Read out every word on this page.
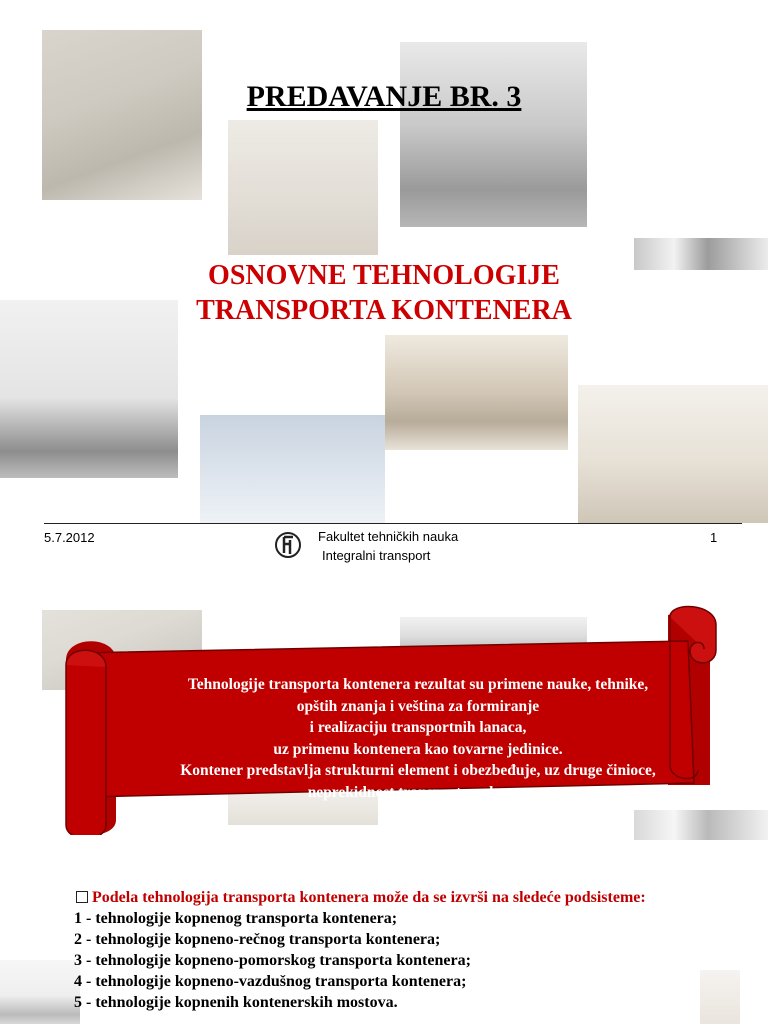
PREDAVANJE BR. 3
OSNOVNE TEHNOLOGIJE
TRANSPORTA KONTENERA
5.7.2012	Fakultet tehničkih nauka
Integralni transport
1
Tehnologije transporta kontenera rezultat su primene nauke, tehnike,
opštih znanja i veština za formiranje
i realizaciju transportnih lanaca,
uz primenu kontenera kao tovarne jedinice.
Kontener predstavlja strukturni element i obezbeđuje, uz druge činioce,
neprekidnost transportnog lanca.
Podela tehnologija transporta kontenera može da se izvrši na sledeće podsisteme:
1 - tehnologije kopnenog transporta kontenera;
2 - tehnologije kopneno-rečnog transporta kontenera;
3 - tehnologije kopneno-pomorskog transporta kontenera;
4 - tehnologije kopneno-vazdušnog transporta kontenera;
5 - tehnologije kopnenih kontenerskih mostova.
